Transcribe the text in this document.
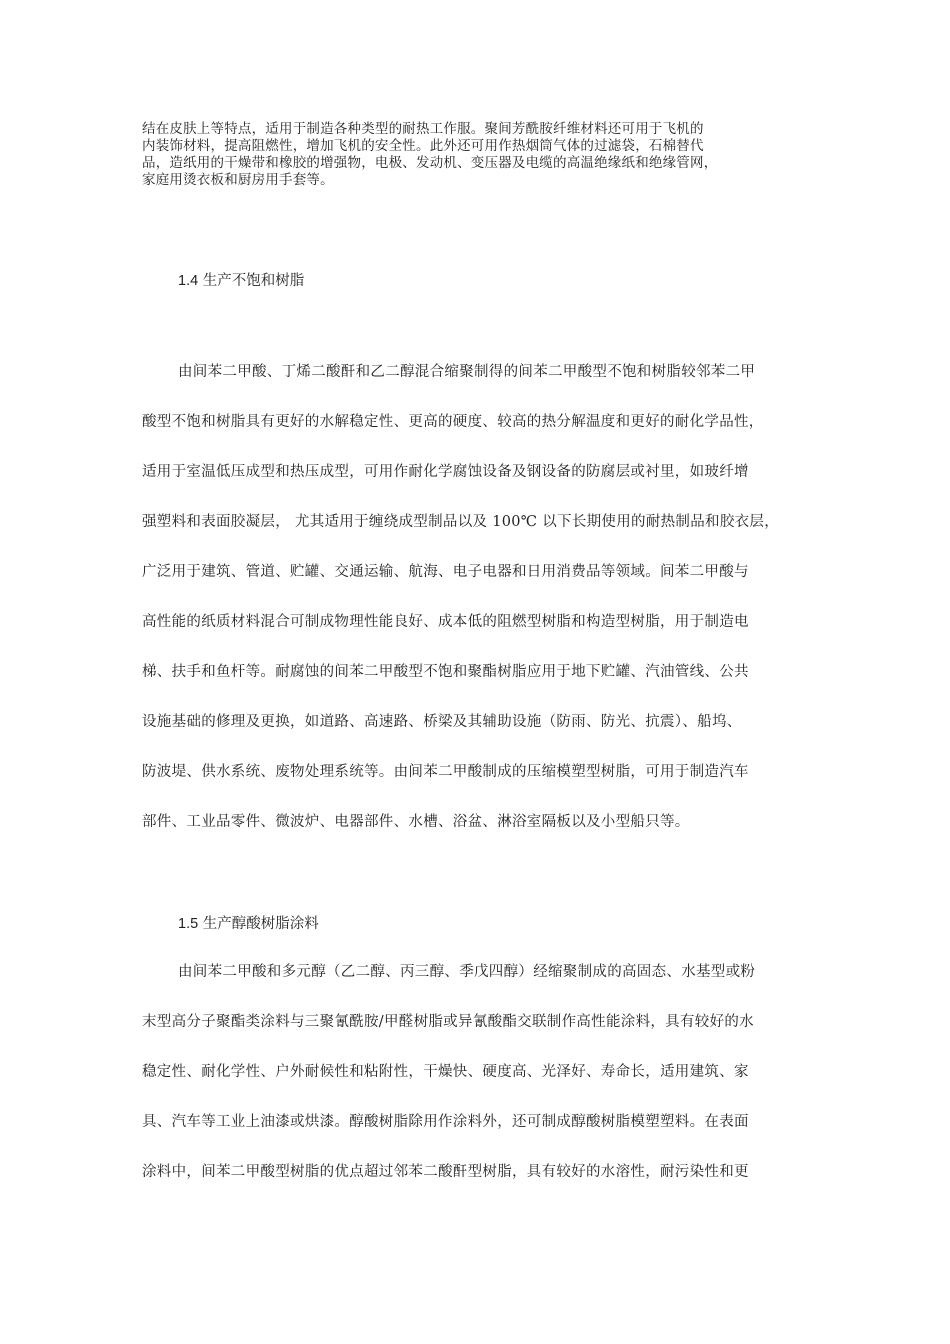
结在皮肤上等特点，适用于制造各种类型的耐热工作服。聚间芳酰胺纤维材料还可用于飞机的
内装饰材料，提高阻燃性，增加飞机的安全性。此外还可用作热烟筒气体的过滤袋，石棉替代
品，造纸用的干燥带和橡胶的增强物，电极、发动机、变压器及电缆的高温绝缘纸和绝缘管网，
家庭用烫衣板和厨房用手套等。
1.4 生产不饱和树脂
由间苯二甲酸、丁烯二酸酐和乙二醇混合缩聚制得的间苯二甲酸型不饱和树脂较邻苯二甲
酸型不饱和树脂具有更好的水解稳定性、更高的硬度、较高的热分解温度和更好的耐化学品性，
适用于室温低压成型和热压成型，可用作耐化学腐蚀设备及钢设备的防腐层或衬里，如玻纤增
强塑料和表面胶凝层， 尤其适用于缠绕成型制品以及 100℃ 以下长期使用的耐热制品和胶衣层，
广泛用于建筑、管道、贮罐、交通运输、航海、电子电器和日用消费品等领域。间苯二甲酸与
高性能的纸质材料混合可制成物理性能良好、成本低的阻燃型树脂和构造型树脂，用于制造电
梯、扶手和鱼杆等。耐腐蚀的间苯二甲酸型不饱和聚酯树脂应用于地下贮罐、汽油管线、公共
设施基础的修理及更换，如道路、高速路、桥梁及其辅助设施（防雨、防光、抗震）、船坞、
防波堤、供水系统、废物处理系统等。由间苯二甲酸制成的压缩模塑型树脂，可用于制造汽车
部件、工业品零件、微波炉、电器部件、水槽、浴盆、淋浴室隔板以及小型船只等。
1.5 生产醇酸树脂涂料
由间苯二甲酸和多元醇（乙二醇、丙三醇、季戊四醇）经缩聚制成的高固态、水基型或粉
末型高分子聚酯类涂料与三聚氰酰胺/甲醛树脂或异氰酸酯交联制作高性能涂料，具有较好的水
稳定性、耐化学性、户外耐候性和粘附性，干燥快、硬度高、光泽好、寿命长，适用建筑、家
具、汽车等工业上油漆或烘漆。醇酸树脂除用作涂料外，还可制成醇酸树脂模塑塑料。在表面
涂料中，间苯二甲酸型树脂的优点超过邻苯二酸酐型树脂，具有较好的水溶性，耐污染性和更
